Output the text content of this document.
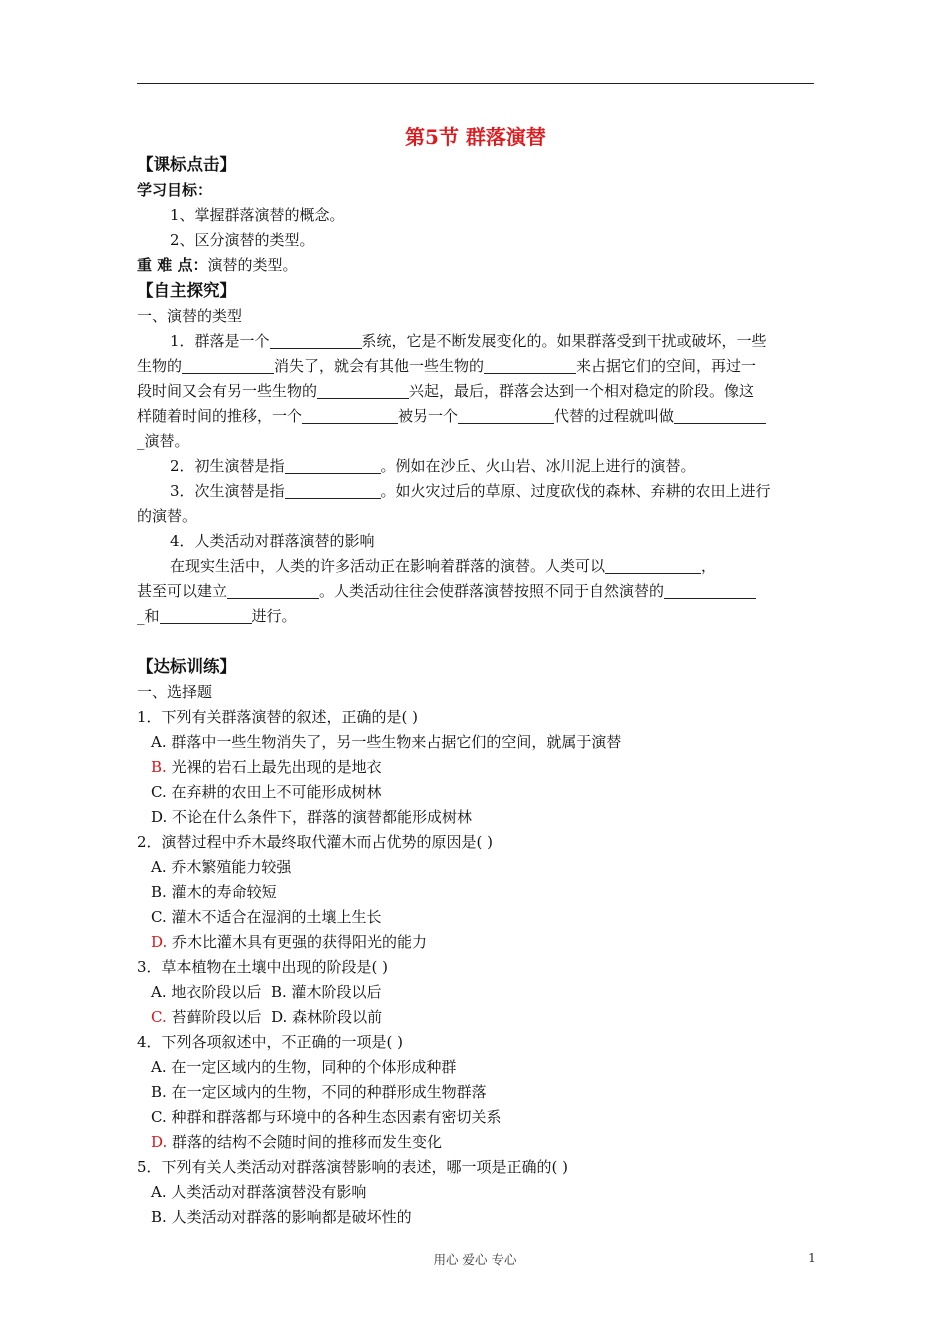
第5节 群落演替
【课标点击】
学习目标：
1、掌握群落演替的概念。
2、区分演替的类型。
重 难 点：演替的类型。
【自主探究】
一、演替的类型
1．群落是一个	系统，它是不断发展变化的。如果群落受到干扰或破坏，一些
生物的	消失了，就会有其他一些生物的	来占据它们的空间，再过一
段时间又会有另一些生物的	兴起，最后，群落会达到一个相对稳定的阶段。像这
样随着时间的推移，一个	被另一个	代替的过程就叫做
_演替。
2．初生演替是指	。例如在沙丘、火山岩、冰川泥上进行的演替。
3．次生演替是指	。如火灾过后的草原、过度砍伐的森林、弃耕的农田上进行
的演替。
4．人类活动对群落演替的影响
在现实生活中，人类的许多活动正在影响着群落的演替。人类可以	，
甚至可以建立	。人类活动往往会使群落演替按照不同于自然演替的
_和	进行。
【达标训练】
一、选择题
1．下列有关群落演替的叙述，正确的是( )
A. 群落中一些生物消失了，另一些生物来占据它们的空间，就属于演替
B. 光裸的岩石上最先出现的是地衣
C. 在弃耕的农田上不可能形成树林
D. 不论在什么条件下，群落的演替都能形成树林
2．演替过程中乔木最终取代灌木而占优势的原因是( )
A. 乔木繁殖能力较强
B. 灌木的寿命较短
C. 灌木不适合在湿润的土壤上生长
D. 乔木比灌木具有更强的获得阳光的能力
3．草本植物在土壤中出现的阶段是( )
A. 地衣阶段以后 B. 灌木阶段以后
C. 苔藓阶段以后 D. 森林阶段以前
4．下列各项叙述中，不正确的一项是( )
A. 在一定区域内的生物，同种的个体形成种群
B. 在一定区域内的生物，不同的种群形成生物群落
C. 种群和群落都与环境中的各种生态因素有密切关系
D. 群落的结构不会随时间的推移而发生变化
5．下列有关人类活动对群落演替影响的表述，哪一项是正确的( )
A. 人类活动对群落演替没有影响
B. 人类活动对群落的影响都是破坏性的
用心 爱心 专心	1
